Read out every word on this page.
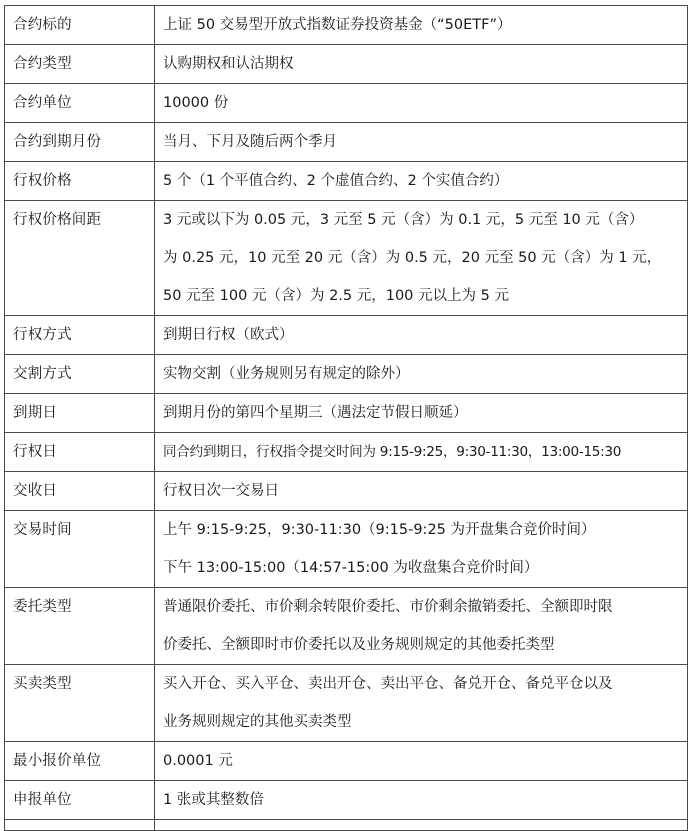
合约标的	上证 50 交易型开放式指数证券投资基金（“50ETF”）

合约类型	认购期权和认沽期权

合约单位	10000 份

合约到期月份	当月、下月及随后两个季月

行权价格	5 个（1 个平值合约、2 个虚值合约、2 个实值合约）

行权价格间距	3 元或以下为 0.05 元，3 元至 5 元（含）为 0.1 元，5 元至 10 元（含）
为 0.25 元，10 元至 20 元（含）为 0.5 元，20 元至 50 元（含）为 1 元，
50 元至 100 元（含）为 2.5 元，100 元以上为 5 元

行权方式	到期日行权（欧式）

交割方式	实物交割（业务规则另有规定的除外）

到期日	到期月份的第四个星期三（遇法定节假日顺延）

行权日	同合约到期日，行权指令提交时间为 9:15-9:25，9:30-11:30，13:00-15:30

交收日	行权日次一交易日

交易时间	上午 9:15-9:25，9:30-11:30（9:15-9:25 为开盘集合竞价时间）
下午 13:00-15:00（14:57-15:00 为收盘集合竞价时间）

委托类型	普通限价委托、市价剩余转限价委托、市价剩余撤销委托、全额即时限
价委托、全额即时市价委托以及业务规则规定的其他委托类型

买卖类型	买入开仓、买入平仓、卖出开仓、卖出平仓、备兑开仓、备兑平仓以及
业务规则规定的其他买卖类型

最小报价单位	0.0001 元

申报单位	1 张或其整数倍
